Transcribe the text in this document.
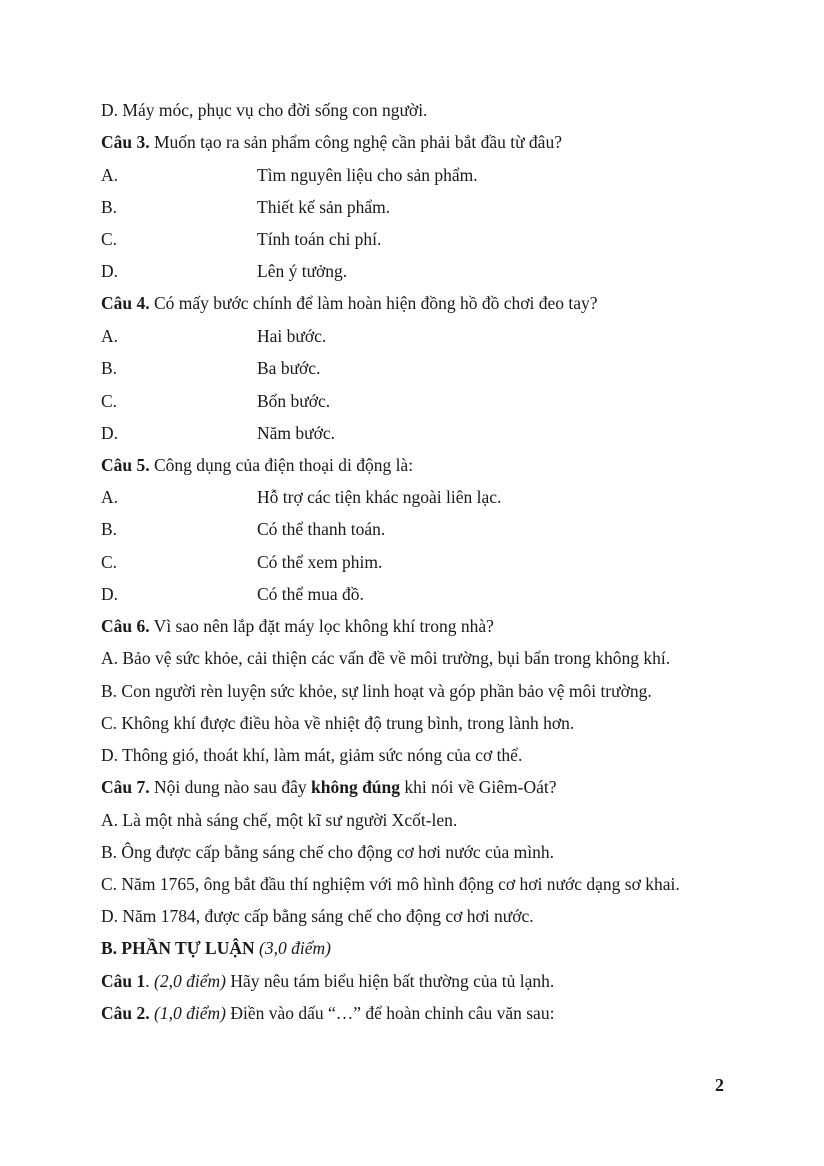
D. Máy móc, phục vụ cho đời sống con người.
Câu 3. Muốn tạo ra sản phẩm công nghệ cần phải bắt đầu từ đâu?
A.	Tìm nguyên liệu cho sản phẩm.
B.	Thiết kế sản phẩm.
C.	Tính toán chi phí.
D.	Lên ý tưởng.
Câu 4. Có mấy bước chính để làm hoàn hiện đồng hồ đồ chơi đeo tay?
A.	Hai bước.
B.	Ba bước.
C.	Bốn bước.
D.	Năm bước.
Câu 5. Công dụng của điện thoại di động là:
A.	Hỗ trợ các tiện khác ngoài liên lạc.
B.	Có thể thanh toán.
C.	Có thể xem phim.
D.	Có thể mua đồ.
Câu 6. Vì sao nên lắp đặt máy lọc không khí trong nhà?
A. Bảo vệ sức khỏe, cải thiện các vấn đề về môi trường, bụi bẩn trong không khí.
B. Con người rèn luyện sức khỏe, sự linh hoạt và góp phần bảo vệ môi trường.
C. Không khí được điều hòa về nhiệt độ trung bình, trong lành hơn.
D. Thông gió, thoát khí, làm mát, giảm sức nóng của cơ thể.
Câu 7. Nội dung nào sau đây không đúng khi nói về Giêm-Oát?
A. Là một nhà sáng chế, một kĩ sư người Xcốt-len.
B. Ông được cấp bằng sáng chế cho động cơ hơi nước của mình.
C. Năm 1765, ông bắt đầu thí nghiệm với mô hình động cơ hơi nước dạng sơ khai.
D. Năm 1784, được cấp bằng sáng chế cho động cơ hơi nước.
B. PHẦN TỰ LUẬN (3,0 điểm)
Câu 1. (2,0 điểm) Hãy nêu tám biểu hiện bất thường của tủ lạnh.
Câu 2. (1,0 điểm) Điền vào dấu “…” để hoàn chỉnh câu văn sau:
2
